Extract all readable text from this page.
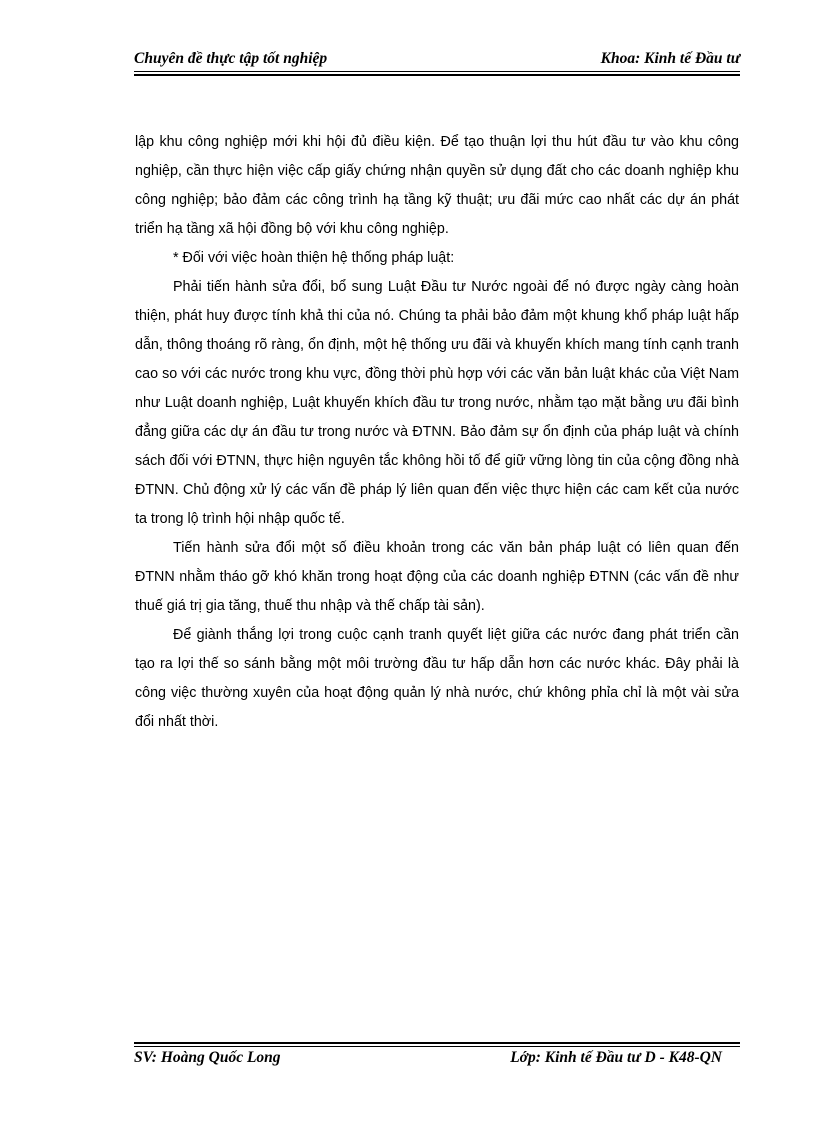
Chuyên đề thực tập tốt nghiệp	Khoa: Kinh tế Đầu tư

lập khu công nghiệp mới khi hội đủ điều kiện. Để tạo thuận lợi thu hút đầu tư vào khu công nghiệp, cần thực hiện việc cấp giấy chứng nhận quyền sử dụng đất cho các doanh nghiệp khu công nghiệp; bảo đảm các công trình hạ tầng kỹ thuật; ưu đãi mức cao nhất các dự án phát triển hạ tầng xã hội đồng bộ với khu công nghiệp.

* Đối với việc hoàn thiện hệ thống pháp luật:

Phải tiến hành sửa đổi, bổ sung Luật Đầu tư Nước ngoài để nó được ngày càng hoàn thiện, phát huy được tính khả thi của nó. Chúng ta phải bảo đảm một khung khổ pháp luật hấp dẫn, thông thoáng rõ ràng, ổn định, một hệ thống ưu đãi và khuyến khích mang tính cạnh tranh cao so với các nước trong khu vực, đồng thời phù hợp với các văn bản luật khác của Việt Nam như Luật doanh nghiệp, Luật khuyến khích đầu tư trong nước, nhằm tạo mặt bằng ưu đãi bình đẳng giữa các dự án đầu tư trong nước và ĐTNN. Bảo đảm sự ổn định của pháp luật và chính sách đối với ĐTNN, thực hiện nguyên tắc không hồi tố để giữ vững lòng tin của cộng đồng nhà ĐTNN. Chủ động xử lý các vấn đề pháp lý liên quan đến việc thực hiện các cam kết của nước ta trong lộ trình hội nhập quốc tế.

Tiến hành sửa đổi một số điều khoản trong các văn bản pháp luật có liên quan đến ĐTNN nhằm tháo gỡ khó khăn trong hoạt động của các doanh nghiệp ĐTNN (các vấn đề như thuế giá trị gia tăng, thuế thu nhập và thế chấp tài sản).

Để giành thắng lợi trong cuộc cạnh tranh quyết liệt giữa các nước đang phát triển cần tạo ra lợi thế so sánh bằng một môi trường đầu tư hấp dẫn hơn các nước khác. Đây phải là công việc thường xuyên của hoạt động quản lý nhà nước, chứ không phỉa chỉ là một vài sửa đổi nhất thời.

SV: Hoàng Quốc Long	Lớp: Kinh tế Đầu tư D - K48-QN
